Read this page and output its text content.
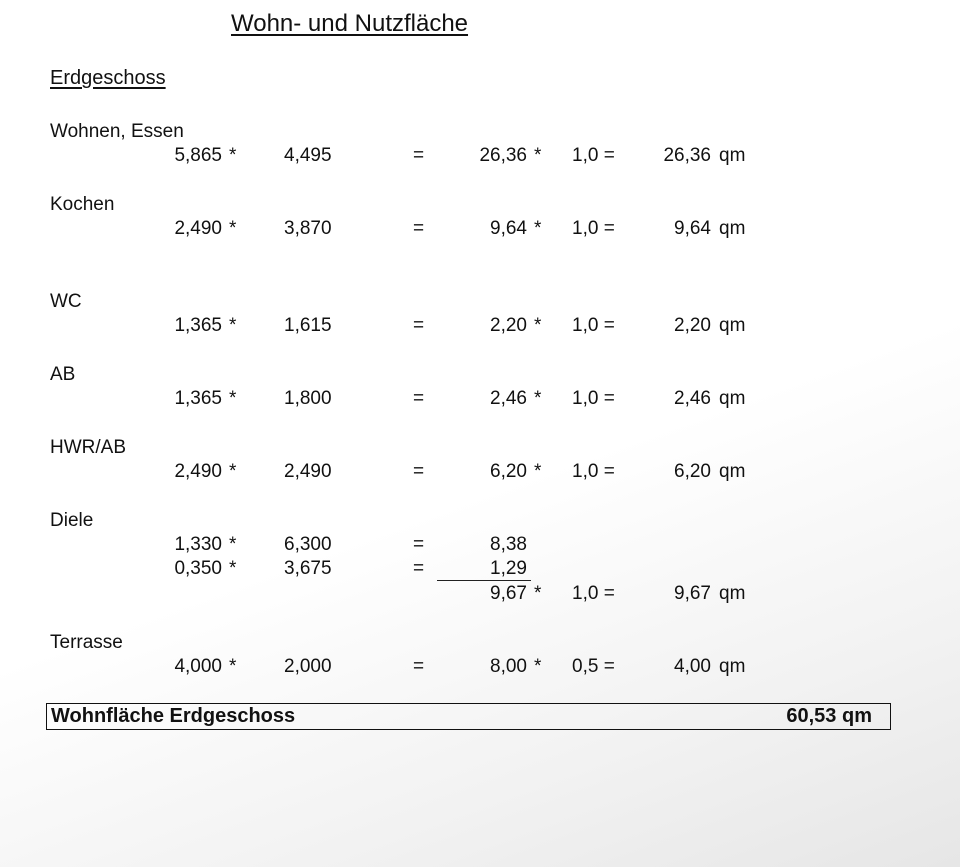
Wohn- und Nutzfläche
Erdgeschoss
Wohnen, Essen
5,865 *	4,495	=	26,36 * 1,0 =	26,36 qm
Kochen
2,490 *	3,870	=	9,64 * 1,0 =	9,64 qm
WC
1,365 *	1,615	=	2,20 * 1,0 =	2,20 qm
AB
1,365 *	1,800	=	2,46 * 1,0 =	2,46 qm
HWR/AB
2,490 *	2,490	=	6,20 * 1,0 =	6,20 qm
Diele
1,330 *	6,300	=	8,38
0,350 *	3,675	=	1,29
9,67 * 1,0 =	9,67 qm
Terrasse
4,000 *	2,000	=	8,00 * 0,5 =	4,00 qm
Wohnfläche Erdgeschoss	60,53 qm
